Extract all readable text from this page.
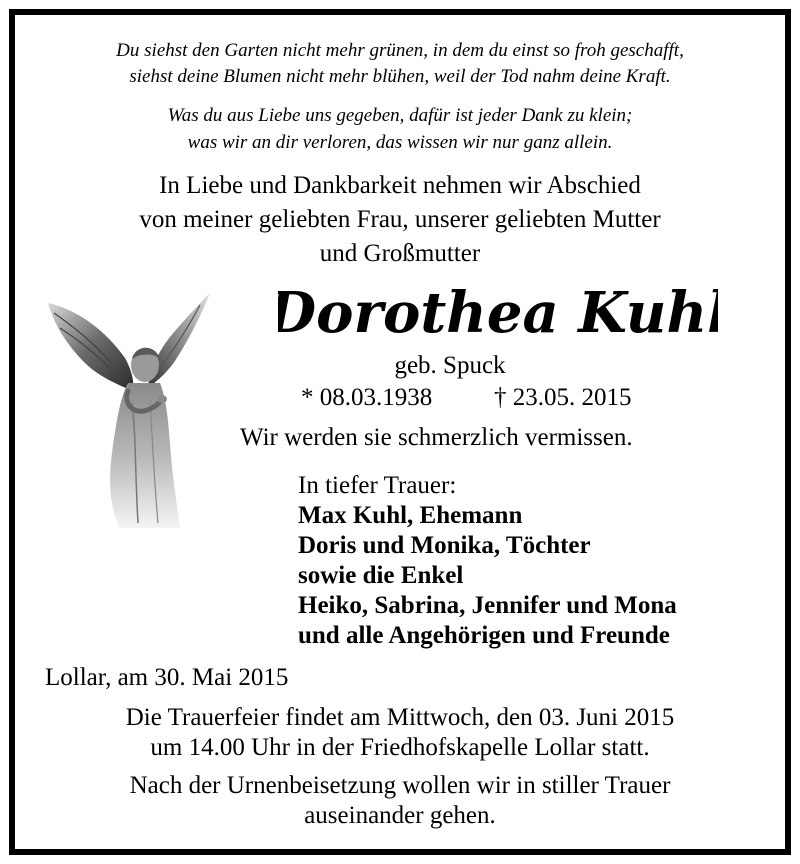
Du siehst den Garten nicht mehr grünen, in dem du einst so froh geschafft,
siehst deine Blumen nicht mehr blühen, weil der Tod nahm deine Kraft.
Was du aus Liebe uns gegeben, dafür ist jeder Dank zu klein;
was wir an dir verloren, das wissen wir nur ganz allein.
In Liebe und Dankbarkeit nehmen wir Abschied
von meiner geliebten Frau, unserer geliebten Mutter
und Großmutter
Dorothea Kuhl
geb. Spuck
* 08.03.1938 † 23.05. 2015
Wir werden sie schmerzlich vermissen.
In tiefer Trauer:
Max Kuhl, Ehemann
Doris und Monika, Töchter
sowie die Enkel
Heiko, Sabrina, Jennifer und Mona
und alle Angehörigen und Freunde
Lollar, am 30. Mai 2015
Die Trauerfeier findet am Mittwoch, den 03. Juni 2015
um 14.00 Uhr in der Friedhofskapelle Lollar statt.
Nach der Urnenbeisetzung wollen wir in stiller Trauer
auseinander gehen.
